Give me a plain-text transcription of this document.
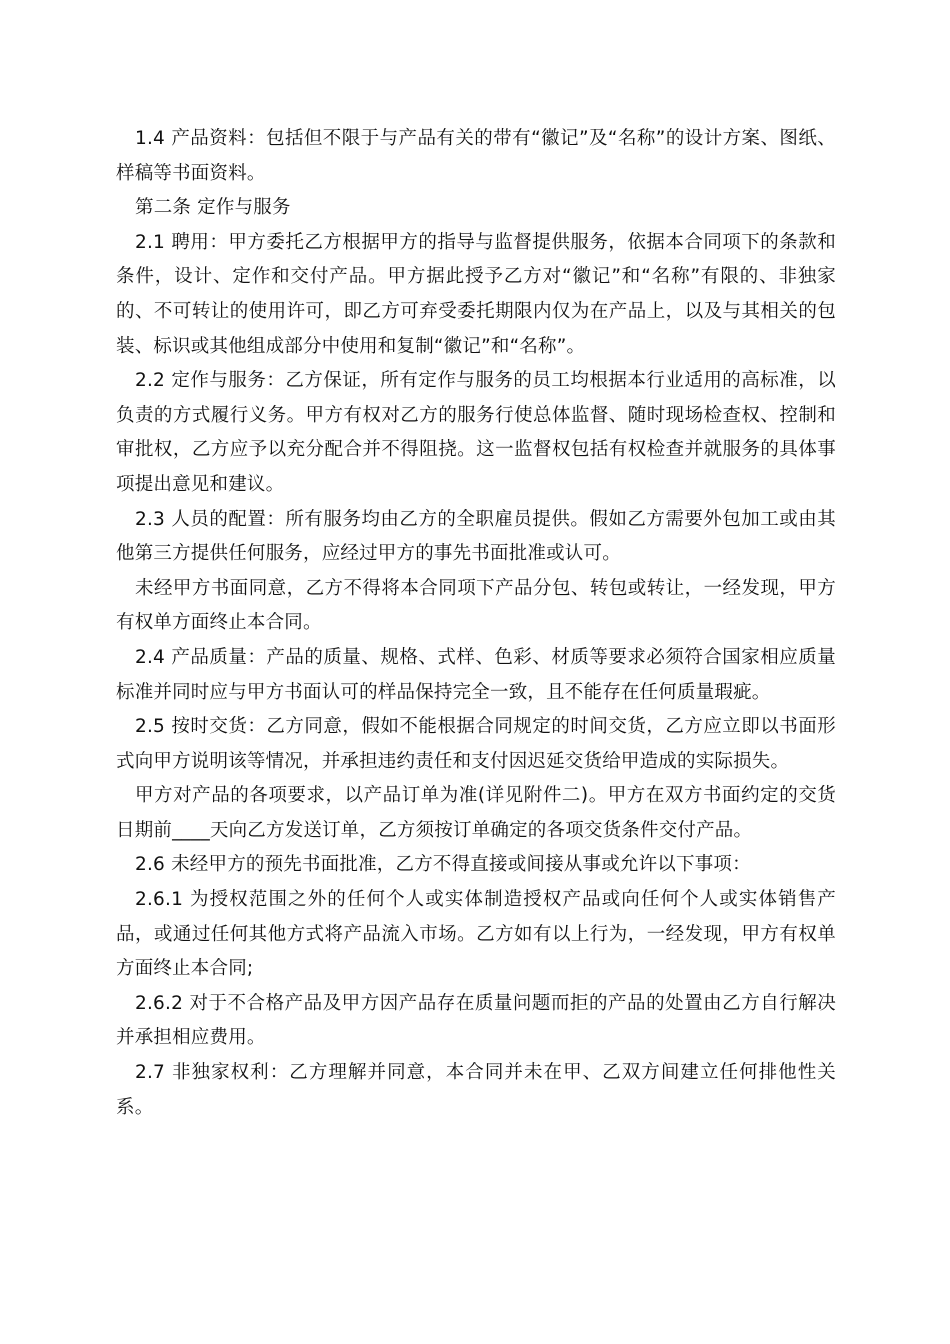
1.4 产品资料：包括但不限于与产品有关的带有“徽记”及“名称”的设计方案、图纸、样稿等书面资料。

第二条 定作与服务

2.1 聘用：甲方委托乙方根据甲方的指导与监督提供服务，依据本合同项下的条款和条件，设计、定作和交付产品。甲方据此授予乙方对“徽记”和“名称”有限的、非独家的、不可转让的使用许可，即乙方可弃受委托期限内仅为在产品上，以及与其相关的包装、标识或其他组成部分中使用和复制“徽记”和“名称”。

2.2 定作与服务：乙方保证，所有定作与服务的员工均根据本行业适用的高标准，以负责的方式履行义务。甲方有权对乙方的服务行使总体监督、随时现场检查权、控制和审批权，乙方应予以充分配合并不得阻挠。这一监督权包括有权检查并就服务的具体事项提出意见和建议。

2.3 人员的配置：所有服务均由乙方的全职雇员提供。假如乙方需要外包加工或由其他第三方提供任何服务，应经过甲方的事先书面批准或认可。

未经甲方书面同意，乙方不得将本合同项下产品分包、转包或转让，一经发现，甲方有权单方面终止本合同。

2.4 产品质量：产品的质量、规格、式样、色彩、材质等要求必须符合国家相应质量标准并同时应与甲方书面认可的样品保持完全一致，且不能存在任何质量瑕疵。

2.5 按时交货：乙方同意，假如不能根据合同规定的时间交货，乙方应立即以书面形式向甲方说明该等情况，并承担违约责任和支付因迟延交货给甲造成的实际损失。

甲方对产品的各项要求，以产品订单为准(详见附件二)。甲方在双方书面约定的交货日期前____天向乙方发送订单，乙方须按订单确定的各项交货条件交付产品。

2.6 未经甲方的预先书面批准，乙方不得直接或间接从事或允许以下事项：

2.6.1 为授权范围之外的任何个人或实体制造授权产品或向任何个人或实体销售产品，或通过任何其他方式将产品流入市场。乙方如有以上行为，一经发现，甲方有权单方面终止本合同;

2.6.2 对于不合格产品及甲方因产品存在质量问题而拒的产品的处置由乙方自行解决并承担相应费用。

2.7 非独家权利：乙方理解并同意，本合同并未在甲、乙双方间建立任何排他性关系。
